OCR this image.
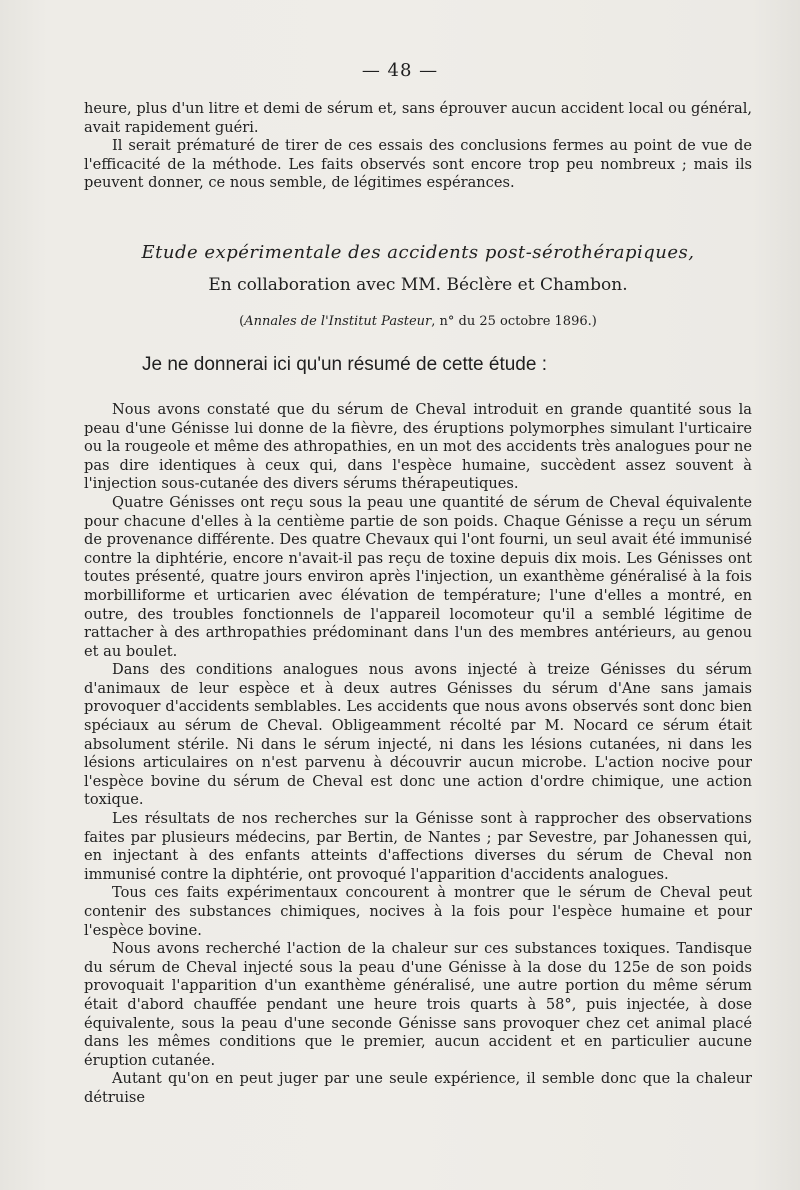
— 48 —

heure, plus d'un litre et demi de sérum et, sans éprouver aucun accident local ou général, avait rapidement guéri.

Il serait prématuré de tirer de ces essais des conclusions fermes au point de vue de l'efficacité de la méthode. Les faits observés sont encore trop peu nombreux ; mais ils peuvent donner, ce nous semble, de légitimes espérances.

Etude expérimentale des accidents post-sérothérapiques,
En collaboration avec MM. Béclère et Chambon.
(Annales de l'Institut Pasteur, n° du 25 octobre 1896.)
Je ne donnerai ici qu'un résumé de cette étude :

Nous avons constaté que du sérum de Cheval introduit en grande quantité sous la peau d'une Génisse lui donne de la fièvre, des éruptions polymorphes simulant l'urticaire ou la rougeole et même des athropathies, en un mot des accidents très analogues pour ne pas dire identiques à ceux qui, dans l'espèce humaine, succèdent assez souvent à l'injection sous-cutanée des divers sérums thérapeutiques.

Quatre Génisses ont reçu sous la peau une quantité de sérum de Cheval équivalente pour chacune d'elles à la centième partie de son poids. Chaque Génisse a reçu un sérum de provenance différente. Des quatre Chevaux qui l'ont fourni, un seul avait été immunisé contre la diphtérie, encore n'avait-il pas reçu de toxine depuis dix mois. Les Génisses ont toutes présenté, quatre jours environ après l'injection, un exanthème généralisé à la fois morbilliforme et urticarien avec élévation de température; l'une d'elles a montré, en outre, des troubles fonctionnels de l'appareil locomoteur qu'il a semblé légitime de rattacher à des arthropathies prédominant dans l'un des membres antérieurs, au genou et au boulet.

Dans des conditions analogues nous avons injecté à treize Génisses du sérum d'animaux de leur espèce et à deux autres Génisses du sérum d'Ane sans jamais provoquer d'accidents semblables. Les accidents que nous avons observés sont donc bien spéciaux au sérum de Cheval. Obligeamment récolté par M. Nocard ce sérum était absolument stérile. Ni dans le sérum injecté, ni dans les lésions cutanées, ni dans les lésions articulaires on n'est parvenu à découvrir aucun microbe. L'action nocive pour l'espèce bovine du sérum de Cheval est donc une action d'ordre chimique, une action toxique.

Les résultats de nos recherches sur la Génisse sont à rapprocher des observations faites par plusieurs médecins, par Bertin, de Nantes ; par Sevestre, par Johanessen qui, en injectant à des enfants atteints d'affections diverses du sérum de Cheval non immunisé contre la diphtérie, ont provoqué l'apparition d'accidents analogues.

Tous ces faits expérimentaux concourent à montrer que le sérum de Cheval peut contenir des substances chimiques, nocives à la fois pour l'espèce humaine et pour l'espèce bovine.

Nous avons recherché l'action de la chaleur sur ces substances toxiques. Tandisque du sérum de Cheval injecté sous la peau d'une Génisse à la dose du 125e de son poids provoquait l'apparition d'un exanthème généralisé, une autre portion du même sérum était d'abord chauffée pendant une heure trois quarts à 58°, puis injectée, à dose équivalente, sous la peau d'une seconde Génisse sans provoquer chez cet animal placé dans les mêmes conditions que le premier, aucun accident et en particulier aucune éruption cutanée.

Autant qu'on en peut juger par une seule expérience, il semble donc que la chaleur détruise
